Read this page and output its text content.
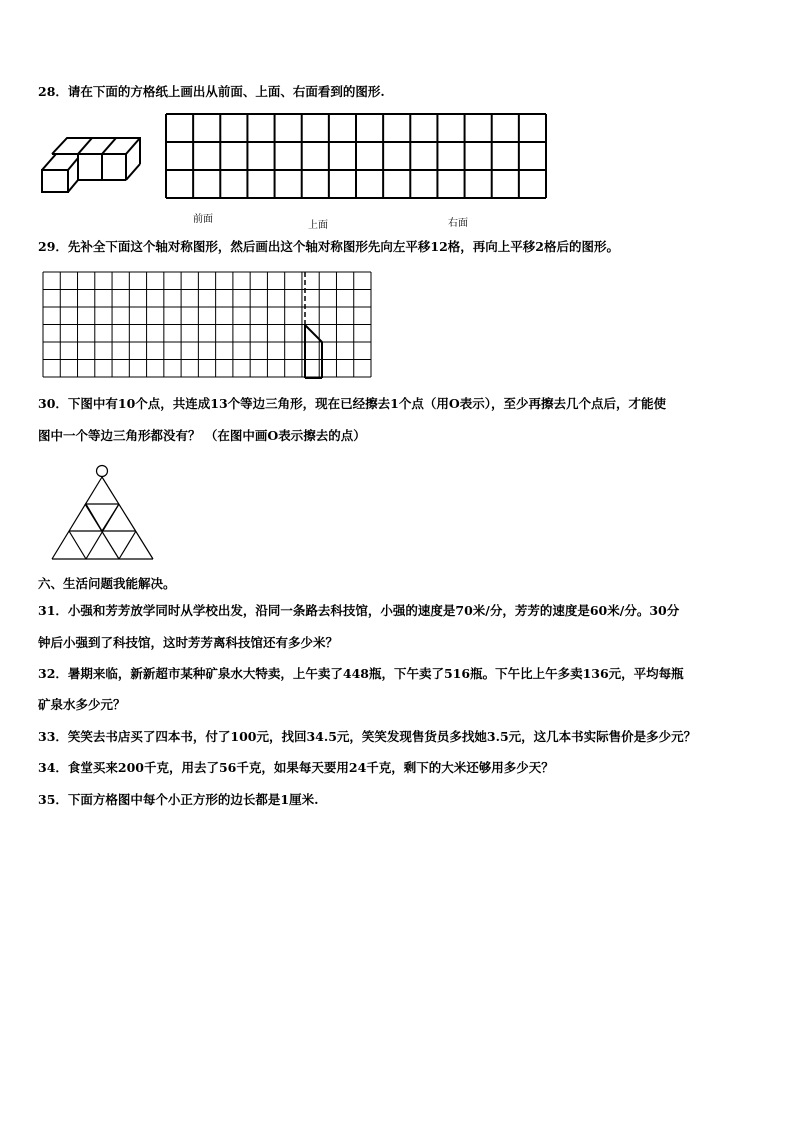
28．请在下面的方格纸上画出从前面、上面、右面看到的图形.
前面
上面	右面
29．先补全下面这个轴对称图形，然后画出这个轴对称图形先向左平移12格，再向上平移2格后的图形。
30．下图中有10个点，共连成13个等边三角形，现在已经擦去1个点（用O表示），至少再擦去几个点后，才能使
图中一个等边三角形都没有？ （在图中画O表示擦去的点）
六、生活问题我能解决。
31．小强和芳芳放学同时从学校出发，沿同一条路去科技馆，小强的速度是70米/分，芳芳的速度是60米/分。30分
钟后小强到了科技馆，这时芳芳离科技馆还有多少米？
32．暑期来临，新新超市某种矿泉水大特卖，上午卖了448瓶，下午卖了516瓶。下午比上午多卖136元，平均每瓶
矿泉水多少元？
33．笑笑去书店买了四本书，付了100元，找回34.5元，笑笑发现售货员多找她3.5元，这几本书实际售价是多少元？
34．食堂买来200千克，用去了56千克，如果每天要用24千克，剩下的大米还够用多少天？
35．下面方格图中每个小正方形的边长都是1厘米.
